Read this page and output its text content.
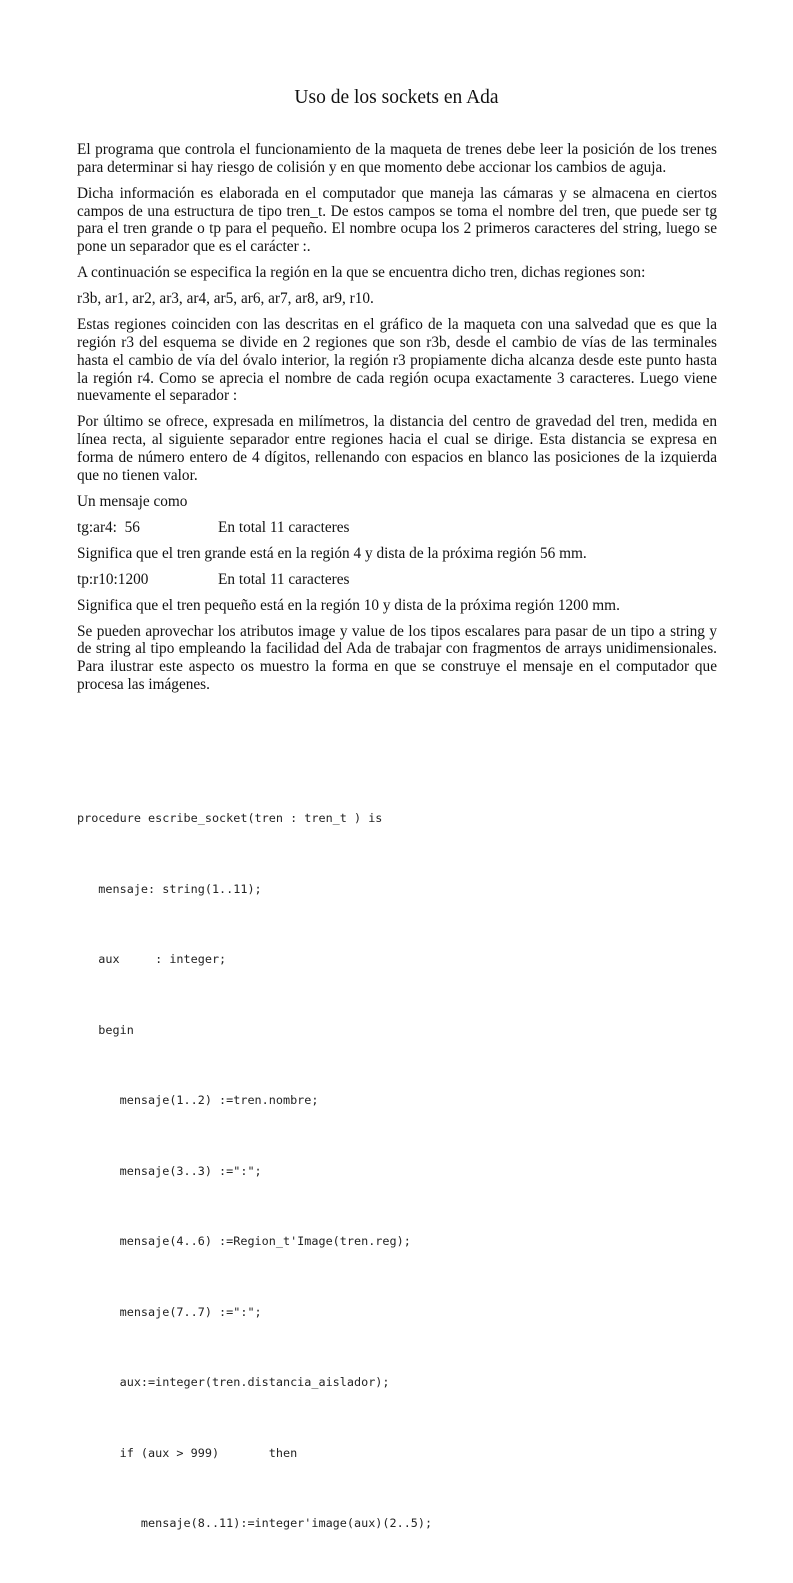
Uso de los sockets en Ada

El programa que controla el funcionamiento de la maqueta de trenes debe leer la posición de los trenes para determinar si hay riesgo de colisión y en que momento debe accionar los cambios de aguja.

Dicha información es elaborada en el computador que maneja las cámaras y se almacena en ciertos campos de una estructura de tipo tren_t. De estos campos se toma el nombre del tren, que puede ser tg para el tren grande o tp para el pequeño. El nombre ocupa los 2 primeros caracteres del string, luego se pone un separador que es el carácter :.

A continuación se especifica la región en la que se encuentra dicho tren, dichas regiones son:

r3b, ar1, ar2, ar3, ar4, ar5, ar6, ar7, ar8, ar9, r10.

Estas regiones coinciden con las descritas en el gráfico de la maqueta con una salvedad que es que la región r3 del esquema se divide en 2 regiones que son r3b, desde el cambio de vías de las terminales hasta el cambio de vía del óvalo interior, la región r3 propiamente dicha alcanza desde este punto hasta la región r4. Como se aprecia el nombre de cada región ocupa exactamente 3 caracteres. Luego viene nuevamente el separador :

Por último se ofrece, expresada en milímetros, la distancia del centro de gravedad del tren, medida en línea recta, al siguiente separador entre regiones hacia el cual se dirige. Esta distancia se expresa en forma de número entero de 4 dígitos, rellenando con espacios en blanco las posiciones de la izquierda que no tienen valor.

Un mensaje como

tg:ar4:  56	En total 11 caracteres

Significa que el tren grande está en la región 4 y dista de la próxima región 56 mm.

tp:r10:1200	En total 11 caracteres

Significa que el tren pequeño está en la región 10 y dista de la próxima región 1200 mm.

Se pueden aprovechar los atributos image y value de los tipos escalares para pasar de un tipo a string y de string al tipo empleando la facilidad del Ada de trabajar con fragmentos de arrays unidimensionales. Para ilustrar este aspecto os muestro la forma en que se construye el mensaje en el computador que procesa las imágenes.

procedure escribe_socket(tren : tren_t ) is

mensaje: string(1..11);

aux     : integer;

begin

mensaje(1..2) :=tren.nombre;

mensaje(3..3) :=":";

mensaje(4..6) :=Region_t'Image(tren.reg);

mensaje(7..7) :=":";

aux:=integer(tren.distancia_aislador);

if (aux > 999)       then

mensaje(8..11):=integer'image(aux)(2..5);
